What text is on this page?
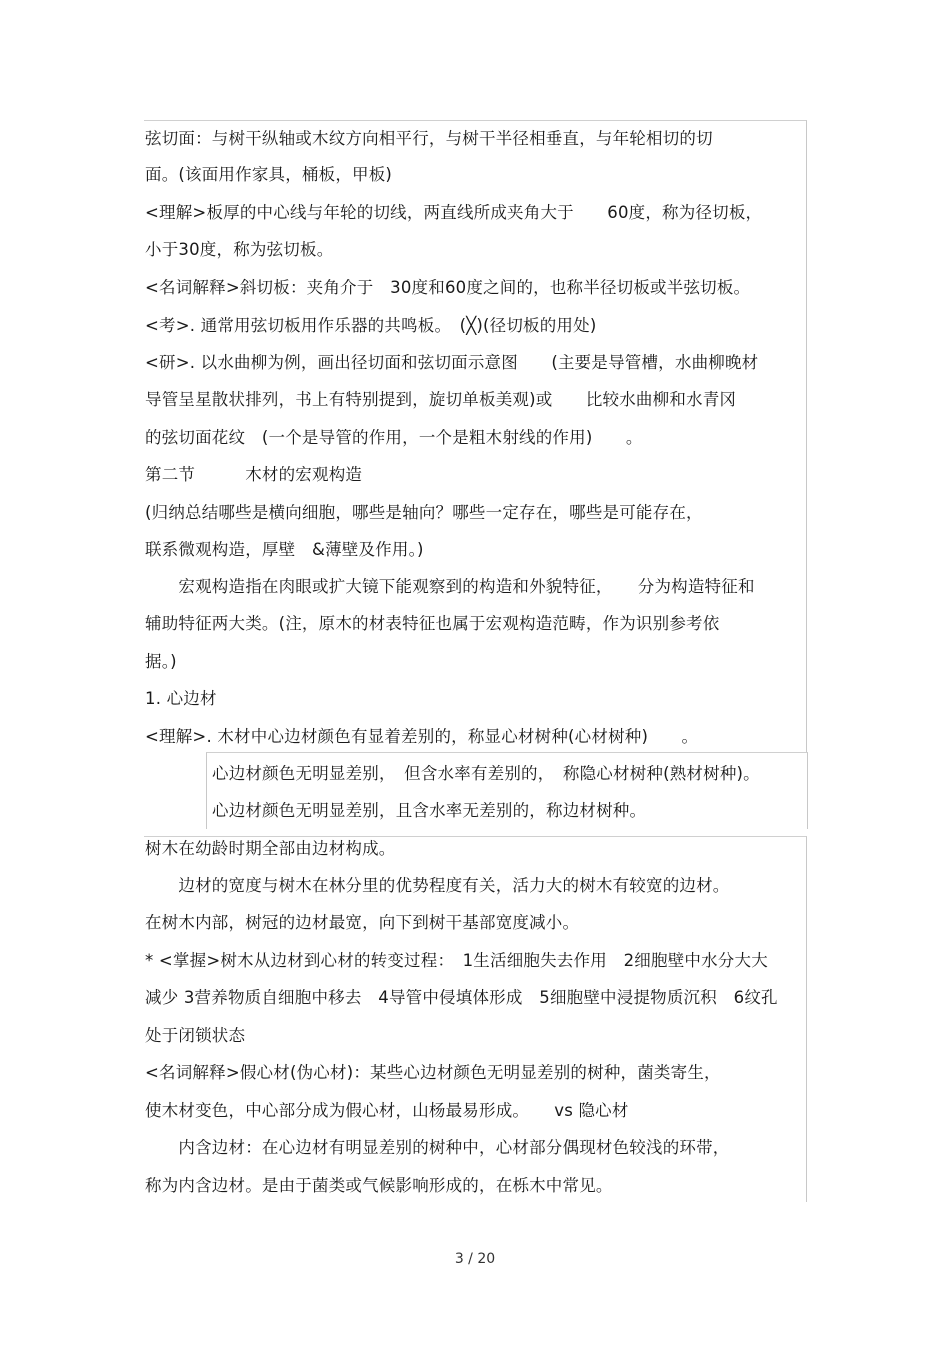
弦切面：与树干纵轴或木纹方向相平行，与树干半径相垂直，与年轮相切的切
面。(该面用作家具，桶板，甲板)
<理解>板厚的中心线与年轮的切线，两直线所成夹角大于　　60度，称为径切板，
小于30度，称为弦切板。
<名词解释>斜切板：夹角介于　30度和60度之间的，也称半径切板或半弦切板。
<考>. 通常用弦切板用作乐器的共鸣板。　(╳)(径切板的用处)
<研>. 以水曲柳为例，画出径切面和弦切面示意图　　(主要是导管槽，水曲柳晚材
导管呈星散状排列，书上有特别提到，旋切单板美观)或　　比较水曲柳和水青冈
的弦切面花纹　(一个是导管的作用，一个是粗木射线的作用)　　。
第二节　　　木材的宏观构造
(归纳总结哪些是横向细胞，哪些是轴向？哪些一定存在，哪些是可能存在，
联系微观构造，厚壁　&薄壁及作用。)
　　宏观构造指在肉眼或扩大镜下能观察到的构造和外貌特征，　　分为构造特征和
辅助特征两大类。(注，原木的材表特征也属于宏观构造范畴，作为识别参考依
据。)
1. 心边材
<理解>. 木材中心边材颜色有显着差别的，称显心材树种(心材树种)　　。
心边材颜色无明显差别，　但含水率有差别的，　称隐心材树种(熟材树种)。
心边材颜色无明显差别，且含水率无差别的，称边材树种。
树木在幼龄时期全部由边材构成。
　　边材的宽度与树木在林分里的优势程度有关，活力大的树木有较宽的边材。
在树木内部，树冠的边材最宽，向下到树干基部宽度减小。
* <掌握>树木从边材到心材的转变过程：　1生活细胞失去作用　2细胞壁中水分大大
减少 3营养物质自细胞中移去　4导管中侵填体形成　5细胞壁中浸提物质沉积　6纹孔
处于闭锁状态
<名词解释>假心材(伪心材)：某些心边材颜色无明显差别的树种，菌类寄生，
使木材变色，中心部分成为假心材，山杨最易形成。　　vs 隐心材
　　内含边材：在心边材有明显差别的树种中，心材部分偶现材色较浅的环带，
称为内含边材。是由于菌类或气候影响形成的，在栎木中常见。
3 / 20
